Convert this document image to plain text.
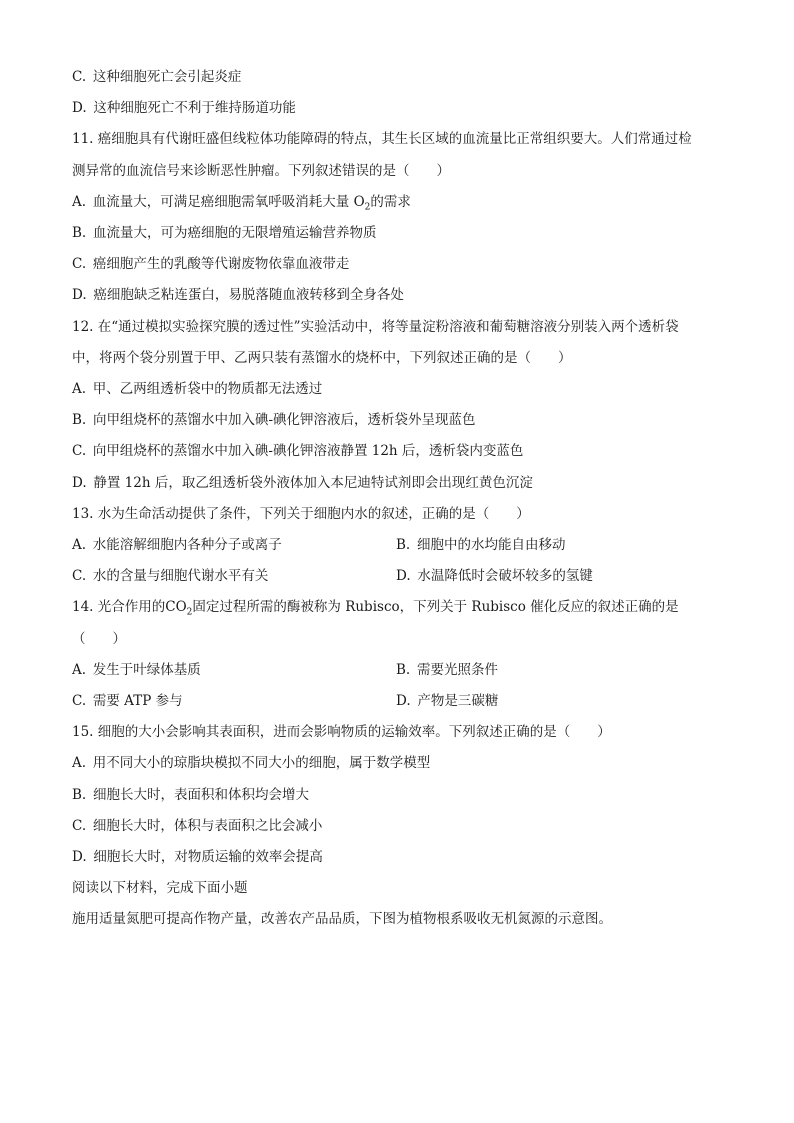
C.  这种细胞死亡会引起炎症
D.  这种细胞死亡不利于维持肠道功能
11. 癌细胞具有代谢旺盛但线粒体功能障碍的特点，其生长区域的血流量比正常组织要大。人们常通过检
测异常的血流信号来诊断恶性肿瘤。下列叙述错误的是（　　）
A.  血流量大，可满足癌细胞需氧呼吸消耗大量 $O_2$的需求
B.  血流量大，可为癌细胞的无限增殖运输营养物质
C.  癌细胞产生的乳酸等代谢废物依靠血液带走
D.  癌细胞缺乏粘连蛋白，易脱落随血液转移到全身各处
12. 在“通过模拟实验探究膜的透过性”实验活动中，将等量淀粉溶液和葡萄糖溶液分别装入两个透析袋
中，将两个袋分别置于甲、乙两只装有蒸馏水的烧杯中，下列叙述正确的是（　　）
A.  甲、乙两组透析袋中的物质都无法透过
B.  向甲组烧杯的蒸馏水中加入碘-碘化钾溶液后，透析袋外呈现蓝色
C.  向甲组烧杯的蒸馏水中加入碘-碘化钾溶液静置 12h 后，透析袋内变蓝色
D.  静置 12h 后，取乙组透析袋外液体加入本尼迪特试剂即会出现红黄色沉淀
13. 水为生命活动提供了条件，下列关于细胞内水的叙述，正确的是（　　）
A.  水能溶解细胞内各种分子或离子	B.  细胞中的水均能自由移动
C.  水的含量与细胞代谢水平有关	D.  水温降低时会破坏较多的氢键
14. 光合作用的$CO_2$固定过程所需的酶被称为 Rubisco，下列关于 Rubisco 催化反应的叙述正确的是
（　　）
A.  发生于叶绿体基质	B.  需要光照条件
C.  需要 ATP 参与	D.  产物是三碳糖
15. 细胞的大小会影响其表面积，进而会影响物质的运输效率。下列叙述正确的是（　　）
A.  用不同大小的琼脂块模拟不同大小的细胞，属于数学模型
B.  细胞长大时，表面积和体积均会增大
C.  细胞长大时，体积与表面积之比会减小
D.  细胞长大时，对物质运输的效率会提高
阅读以下材料，完成下面小题
施用适量氮肥可提高作物产量，改善农产品品质，下图为植物根系吸收无机氮源的示意图。
